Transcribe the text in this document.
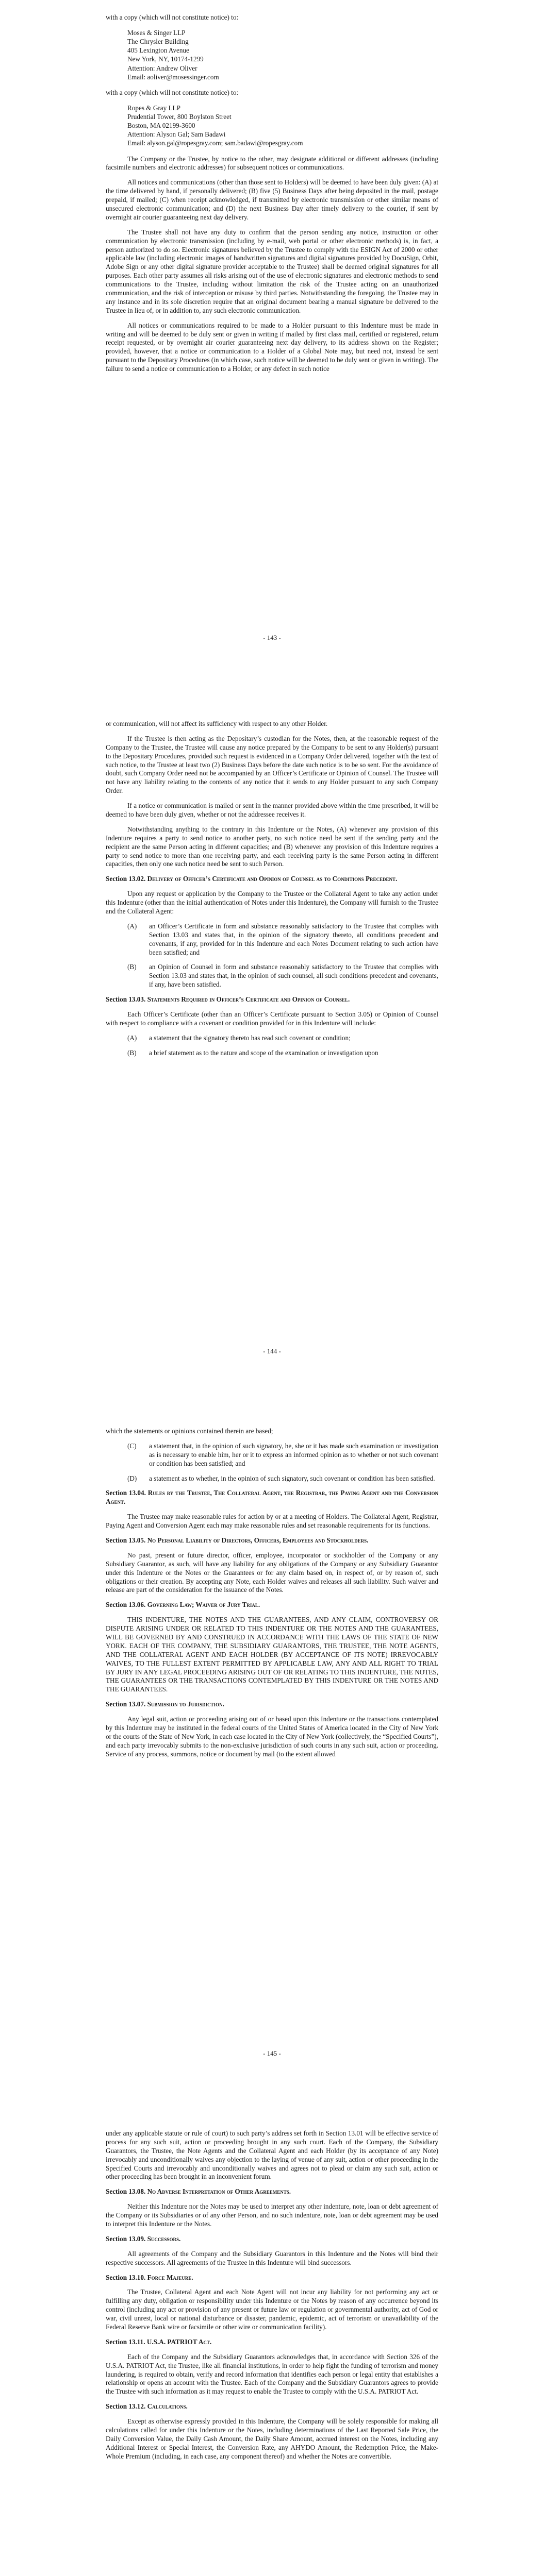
with a copy (which will not constitute notice) to:

Moses & Singer LLP
The Chrysler Building
405 Lexington Avenue
New York, NY, 10174-1299
Attention: Andrew Oliver
Email: aoliver@mosessinger.com

with a copy (which will not constitute notice) to:

Ropes & Gray LLP
Prudential Tower, 800 Boylston Street
Boston, MA 02199-3600
Attention: Alyson Gal; Sam Badawi
Email: alyson.gal@ropesgray.com; sam.badawi@ropesgray.com

The Company or the Trustee, by notice to the other, may designate additional or different addresses (including facsimile numbers and electronic addresses) for subsequent notices or communications.

All notices and communications (other than those sent to Holders) will be deemed to have been duly given: (A) at the time delivered by hand, if personally delivered; (B) five (5) Business Days after being deposited in the mail, postage prepaid, if mailed; (C) when receipt acknowledged, if transmitted by electronic transmission or other similar means of unsecured electronic communication; and (D) the next Business Day after timely delivery to the courier, if sent by overnight air courier guaranteeing next day delivery.

The Trustee shall not have any duty to confirm that the person sending any notice, instruction or other communication by electronic transmission (including by e-mail, web portal or other electronic methods) is, in fact, a person authorized to do so. Electronic signatures believed by the Trustee to comply with the ESIGN Act of 2000 or other applicable law (including electronic images of handwritten signatures and digital signatures provided by DocuSign, Orbit, Adobe Sign or any other digital signature provider acceptable to the Trustee) shall be deemed original signatures for all purposes. Each other party assumes all risks arising out of the use of electronic signatures and electronic methods to send communications to the Trustee, including without limitation the risk of the Trustee acting on an unauthorized communication, and the risk of interception or misuse by third parties. Notwithstanding the foregoing, the Trustee may in any instance and in its sole discretion require that an original document bearing a manual signature be delivered to the Trustee in lieu of, or in addition to, any such electronic communication.

All notices or communications required to be made to a Holder pursuant to this Indenture must be made in writing and will be deemed to be duly sent or given in writing if mailed by first class mail, certified or registered, return receipt requested, or by overnight air courier guaranteeing next day delivery, to its address shown on the Register; provided, however, that a notice or communication to a Holder of a Global Note may, but need not, instead be sent pursuant to the Depositary Procedures (in which case, such notice will be deemed to be duly sent or given in writing). The failure to send a notice or communication to a Holder, or any defect in such notice

- 143 -

or communication, will not affect its sufficiency with respect to any other Holder.

If the Trustee is then acting as the Depositary’s custodian for the Notes, then, at the reasonable request of the Company to the Trustee, the Trustee will cause any notice prepared by the Company to be sent to any Holder(s) pursuant to the Depositary Procedures, provided such request is evidenced in a Company Order delivered, together with the text of such notice, to the Trustee at least two (2) Business Days before the date such notice is to be so sent. For the avoidance of doubt, such Company Order need not be accompanied by an Officer’s Certificate or Opinion of Counsel. The Trustee will not have any liability relating to the contents of any notice that it sends to any Holder pursuant to any such Company Order.

If a notice or communication is mailed or sent in the manner provided above within the time prescribed, it will be deemed to have been duly given, whether or not the addressee receives it.

Notwithstanding anything to the contrary in this Indenture or the Notes, (A) whenever any provision of this Indenture requires a party to send notice to another party, no such notice need be sent if the sending party and the recipient are the same Person acting in different capacities; and (B) whenever any provision of this Indenture requires a party to send notice to more than one receiving party, and each receiving party is the same Person acting in different capacities, then only one such notice need be sent to such Person.

Section 13.02. Delivery of Officer’s Certificate and Opinion of Counsel as to Conditions Precedent.

Upon any request or application by the Company to the Trustee or the Collateral Agent to take any action under this Indenture (other than the initial authentication of Notes under this Indenture), the Company will furnish to the Trustee and the Collateral Agent:

(A)	an Officer’s Certificate in form and substance reasonably satisfactory to the Trustee that complies with Section 13.03 and states that, in the opinion of the signatory thereto, all conditions precedent and covenants, if any, provided for in this Indenture and each Notes Document relating to such action have been satisfied; and
(B)	an Opinion of Counsel in form and substance reasonably satisfactory to the Trustee that complies with Section 13.03 and states that, in the opinion of such counsel, all such conditions precedent and covenants, if any, have been satisfied.

Section 13.03. Statements Required in Officer’s Certificate and Opinion of Counsel.

Each Officer’s Certificate (other than an Officer’s Certificate pursuant to Section 3.05) or Opinion of Counsel with respect to compliance with a covenant or condition provided for in this Indenture will include:

(A)	a statement that the signatory thereto has read such covenant or condition;
(B)	a brief statement as to the nature and scope of the examination or investigation upon
- 144 -

which the statements or opinions contained therein are based;

(C)	a statement that, in the opinion of such signatory, he, she or it has made such examination or investigation as is necessary to enable him, her or it to express an informed opinion as to whether or not such covenant or condition has been satisfied; and
(D)	a statement as to whether, in the opinion of such signatory, such covenant or condition has been satisfied.

Section 13.04. Rules by the Trustee, The Collateral Agent, the Registrar, the Paying Agent and the Conversion Agent.

The Trustee may make reasonable rules for action by or at a meeting of Holders. The Collateral Agent, Registrar, Paying Agent and Conversion Agent each may make reasonable rules and set reasonable requirements for its functions.

Section 13.05. No Personal Liability of Directors, Officers, Employees and Stockholders.

No past, present or future director, officer, employee, incorporator or stockholder of the Company or any Subsidiary Guarantor, as such, will have any liability for any obligations of the Company or any Subsidiary Guarantor under this Indenture or the Notes or the Guarantees or for any claim based on, in respect of, or by reason of, such obligations or their creation. By accepting any Note, each Holder waives and releases all such liability. Such waiver and release are part of the consideration for the issuance of the Notes.

Section 13.06. Governing Law; Waiver of Jury Trial.

THIS INDENTURE, THE NOTES AND THE GUARANTEES, AND ANY CLAIM, CONTROVERSY OR DISPUTE ARISING UNDER OR RELATED TO THIS INDENTURE OR THE NOTES AND THE GUARANTEES, WILL BE GOVERNED BY AND CONSTRUED IN ACCORDANCE WITH THE LAWS OF THE STATE OF NEW YORK. EACH OF THE COMPANY, THE SUBSIDIARY GUARANTORS, THE TRUSTEE, THE NOTE AGENTS, AND THE COLLATERAL AGENT AND EACH HOLDER (BY ACCEPTANCE OF ITS NOTE) IRREVOCABLY WAIVES, TO THE FULLEST EXTENT PERMITTED BY APPLICABLE LAW, ANY AND ALL RIGHT TO TRIAL BY JURY IN ANY LEGAL PROCEEDING ARISING OUT OF OR RELATING TO THIS INDENTURE, THE NOTES, THE GUARANTEES OR THE TRANSACTIONS CONTEMPLATED BY THIS INDENTURE OR THE NOTES AND THE GUARANTEES.

Section 13.07. Submission to Jurisdiction.

Any legal suit, action or proceeding arising out of or based upon this Indenture or the transactions contemplated by this Indenture may be instituted in the federal courts of the United States of America located in the City of New York or the courts of the State of New York, in each case located in the City of New York (collectively, the “Specified Courts”), and each party irrevocably submits to the non-exclusive jurisdiction of such courts in any such suit, action or proceeding. Service of any process, summons, notice or document by mail (to the extent allowed

- 145 -

under any applicable statute or rule of court) to such party’s address set forth in Section 13.01 will be effective service of process for any such suit, action or proceeding brought in any such court. Each of the Company, the Subsidiary Guarantors, the Trustee, the Note Agents and the Collateral Agent and each Holder (by its acceptance of any Note) irrevocably and unconditionally waives any objection to the laying of venue of any suit, action or other proceeding in the Specified Courts and irrevocably and unconditionally waives and agrees not to plead or claim any such suit, action or other proceeding has been brought in an inconvenient forum.

Section 13.08. No Adverse Interpretation of Other Agreements.

Neither this Indenture nor the Notes may be used to interpret any other indenture, note, loan or debt agreement of the Company or its Subsidiaries or of any other Person, and no such indenture, note, loan or debt agreement may be used to interpret this Indenture or the Notes.

Section 13.09. Successors.

All agreements of the Company and the Subsidiary Guarantors in this Indenture and the Notes will bind their respective successors. All agreements of the Trustee in this Indenture will bind successors.

Section 13.10. Force Majeure.

The Trustee, Collateral Agent and each Note Agent will not incur any liability for not performing any act or fulfilling any duty, obligation or responsibility under this Indenture or the Notes by reason of any occurrence beyond its control (including any act or provision of any present or future law or regulation or governmental authority, act of God or war, civil unrest, local or national disturbance or disaster, pandemic, epidemic, act of terrorism or unavailability of the Federal Reserve Bank wire or facsimile or other wire or communication facility).

Section 13.11. U.S.A. PATRIOT Act.

Each of the Company and the Subsidiary Guarantors acknowledges that, in accordance with Section 326 of the U.S.A. PATRIOT Act, the Trustee, like all financial institutions, in order to help fight the funding of terrorism and money laundering, is required to obtain, verify and record information that identifies each person or legal entity that establishes a relationship or opens an account with the Trustee. Each of the Company and the Subsidiary Guarantors agrees to provide the Trustee with such information as it may request to enable the Trustee to comply with the U.S.A. PATRIOT Act.

Section 13.12. Calculations.

Except as otherwise expressly provided in this Indenture, the Company will be solely responsible for making all calculations called for under this Indenture or the Notes, including determinations of the Last Reported Sale Price, the Daily Conversion Value, the Daily Cash Amount, the Daily Share Amount, accrued interest on the Notes, including any Additional Interest or Special Interest, the Conversion Rate, any AHYDO Amount, the Redemption Price, the Make-Whole Premium (including, in each case, any component thereof) and whether the Notes are convertible.
